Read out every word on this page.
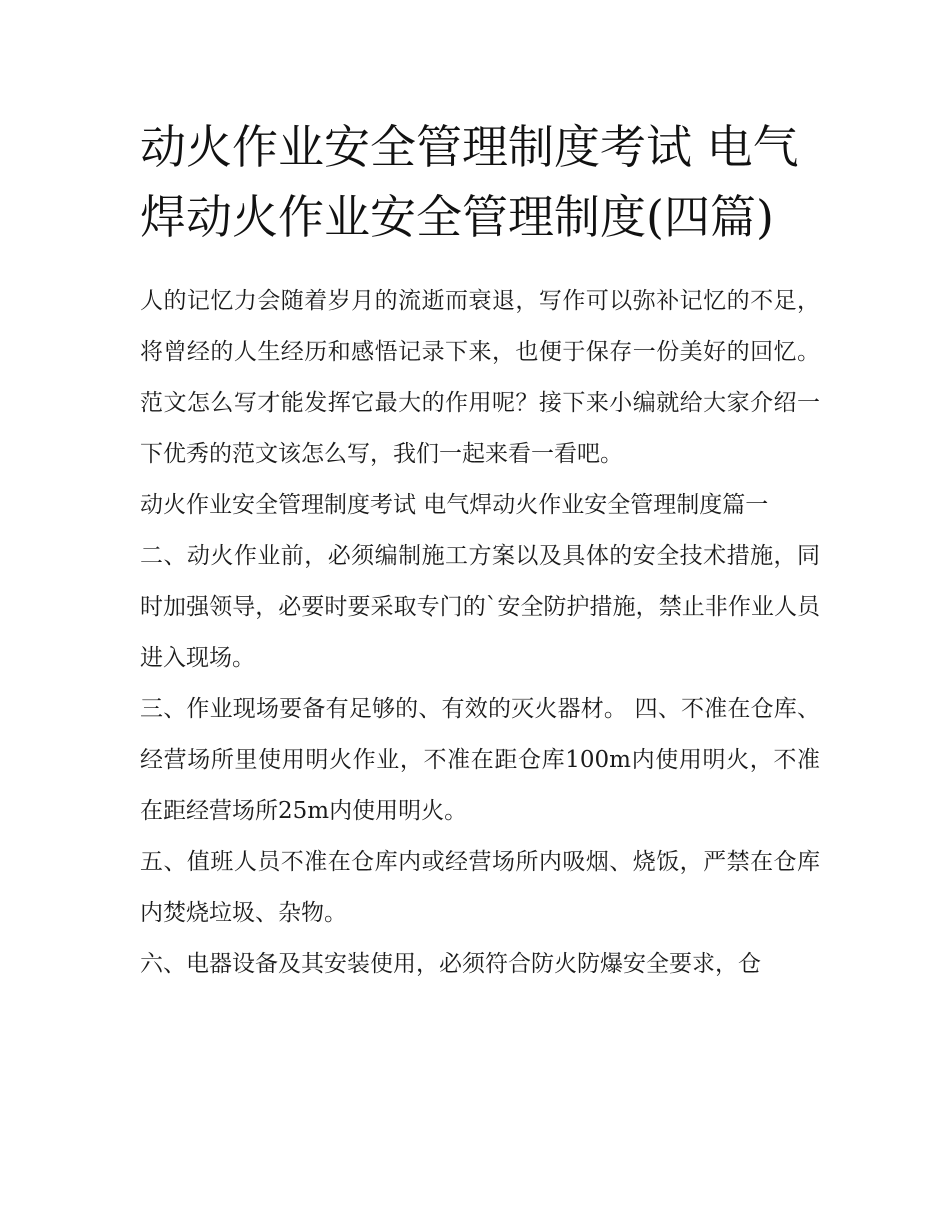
动火作业安全管理制度考试 电气焊动火作业安全管理制度(四篇)

人的记忆力会随着岁月的流逝而衰退，写作可以弥补记忆的不足，将曾经的人生经历和感悟记录下来，也便于保存一份美好的回忆。范文怎么写才能发挥它最大的作用呢？接下来小编就给大家介绍一下优秀的范文该怎么写，我们一起来看一看吧。

动火作业安全管理制度考试 电气焊动火作业安全管理制度篇一

二、动火作业前，必须编制施工方案以及具体的安全技术措施，同时加强领导，必要时要采取专门的`安全防护措施，禁止非作业人员进入现场。

三、作业现场要备有足够的、有效的灭火器材。 四、不准在仓库、经营场所里使用明火作业，不准在距仓库100m内使用明火，不准在距经营场所25m内使用明火。

五、值班人员不准在仓库内或经营场所内吸烟、烧饭，严禁在仓库内焚烧垃圾、杂物。

六、电器设备及其安装使用，必须符合防火防爆安全要求，仓
